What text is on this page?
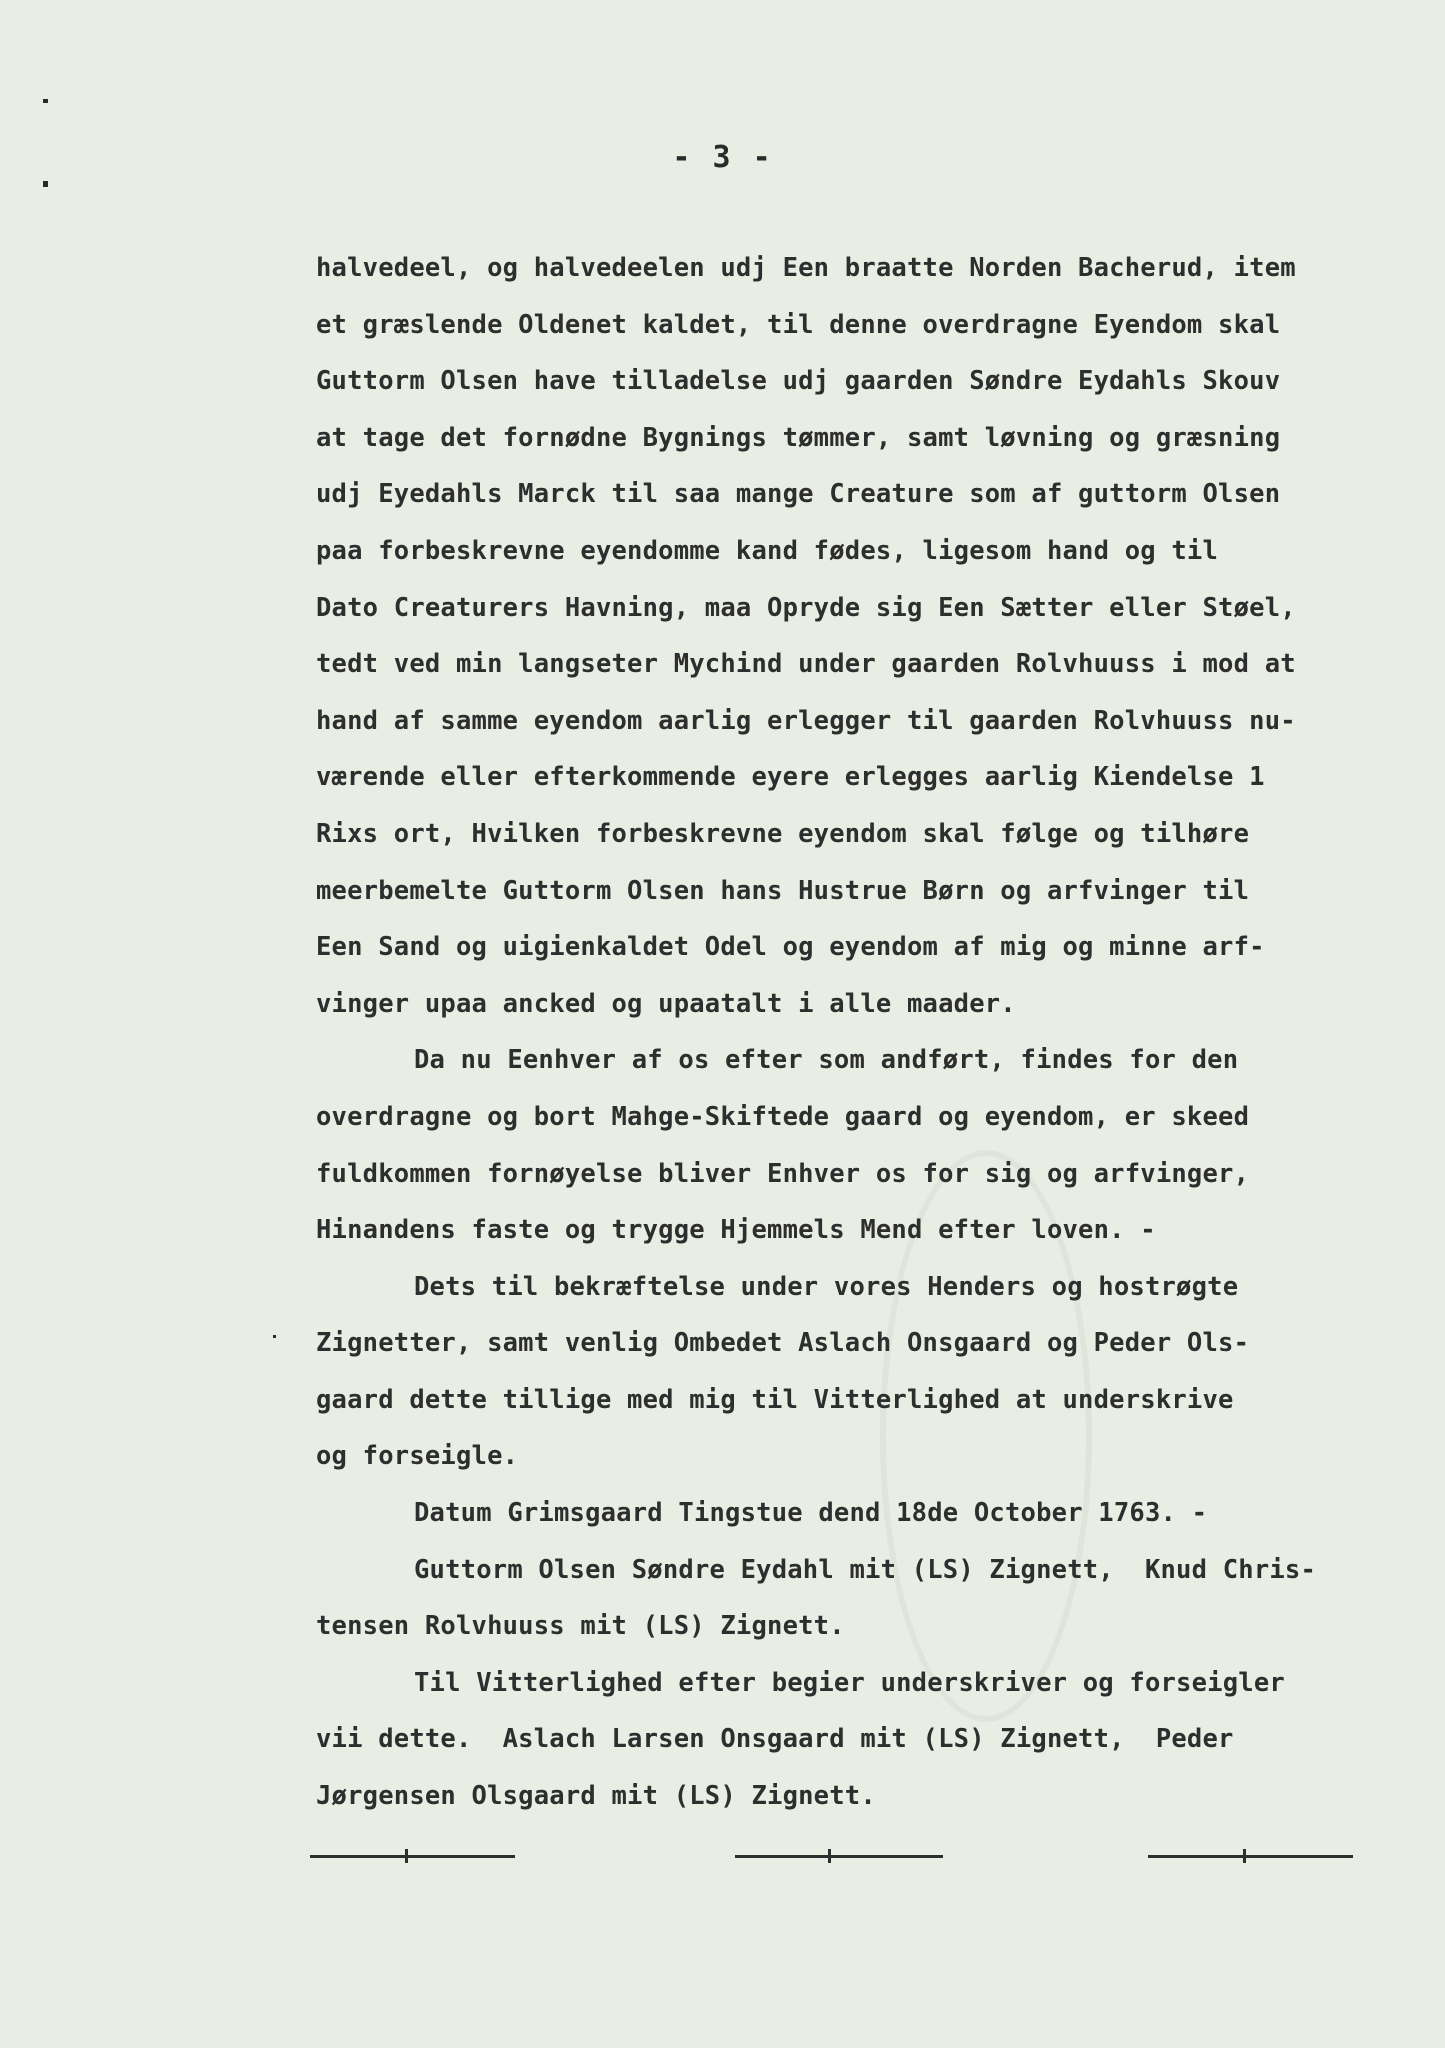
- 3 -
halvedeel, og halvedeelen udj Een braatte Norden Bacherud, item
et græslende Oldenet kaldet, til denne overdragne Eyendom skal
Guttorm Olsen have tilladelse udj gaarden Søndre Eydahls Skouv
at tage det fornødne Bygnings tømmer, samt løvning og græsning
udj Eyedahls Marck til saa mange Creature som af guttorm Olsen
paa forbeskrevne eyendomme kand fødes, ligesom hand og til
Dato Creaturers Havning, maa Opryde sig Een Sætter eller Støel,
tedt ved min langseter Mychind under gaarden Rolvhuuss i mod at
hand af samme eyendom aarlig erlegger til gaarden Rolvhuuss nu-
værende eller efterkommende eyere erlegges aarlig Kiendelse 1
Rixs ort, Hvilken forbeskrevne eyendom skal følge og tilhøre
meerbemelte Guttorm Olsen hans Hustrue Børn og arfvinger til
Een Sand og uigienkaldet Odel og eyendom af mig og minne arf-
vinger upaa ancked og upaatalt i alle maader.
Da nu Eenhver af os efter som andført, findes for den
overdragne og bort Mahge-Skiftede gaard og eyendom, er skeed
fuldkommen fornøyelse bliver Enhver os for sig og arfvinger,
Hinandens faste og trygge Hjemmels Mend efter loven. -
Dets til bekræftelse under vores Henders og hostrøgte
Zignetter, samt venlig Ombedet Aslach Onsgaard og Peder Ols-
gaard dette tillige med mig til Vitterlighed at underskrive
og forseigle.
Datum Grimsgaard Tingstue dend 18de October 1763. -
Guttorm Olsen Søndre Eydahl mit (LS) Zignett,  Knud Chris-
tensen Rolvhuuss mit (LS) Zignett.
Til Vitterlighed efter begier underskriver og forseigler
vii dette.  Aslach Larsen Onsgaard mit (LS) Zignett,  Peder
Jørgensen Olsgaard mit (LS) Zignett.
